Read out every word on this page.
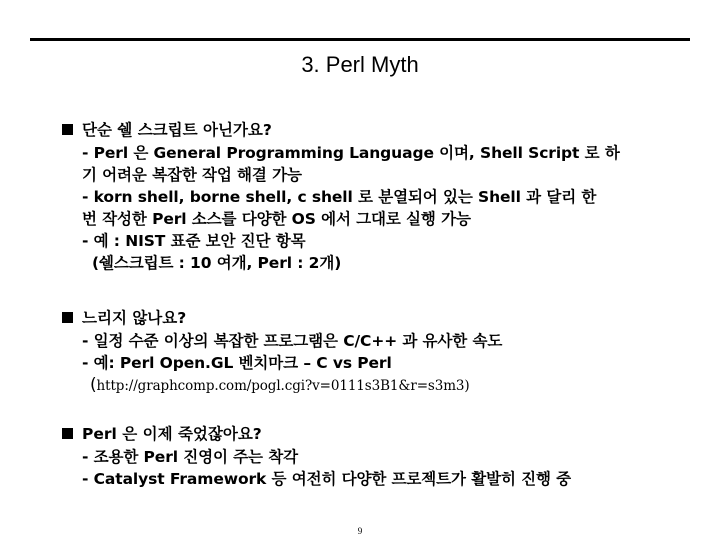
3. Perl Myth
단순 쉘 스크립트 아닌가요?
- Perl 은 General Programming Language 이며, Shell Script 로 하
기 어려운 복잡한 작업 해결 가능
- korn shell, borne shell, c shell 로 분열되어 있는 Shell 과 달리 한
번 작성한 Perl 소스를 다양한 OS 에서 그대로 실행 가능
- 예 : NIST 표준 보안 진단 항목
(쉘스크립트 : 10 여개, Perl : 2개)
느리지 않나요?
- 일정 수준 이상의 복잡한 프로그램은 C/C++ 과 유사한 속도
- 예: Perl Open.GL 벤치마크 – C vs Perl
(http://graphcomp.com/pogl.cgi?v=0111s3B1&r=s3m3)
Perl 은 이제 죽었잖아요?
- 조용한 Perl 진영이 주는 착각
- Catalyst Framework 등 여전히 다양한 프로젝트가 활발히 진행 중
9
